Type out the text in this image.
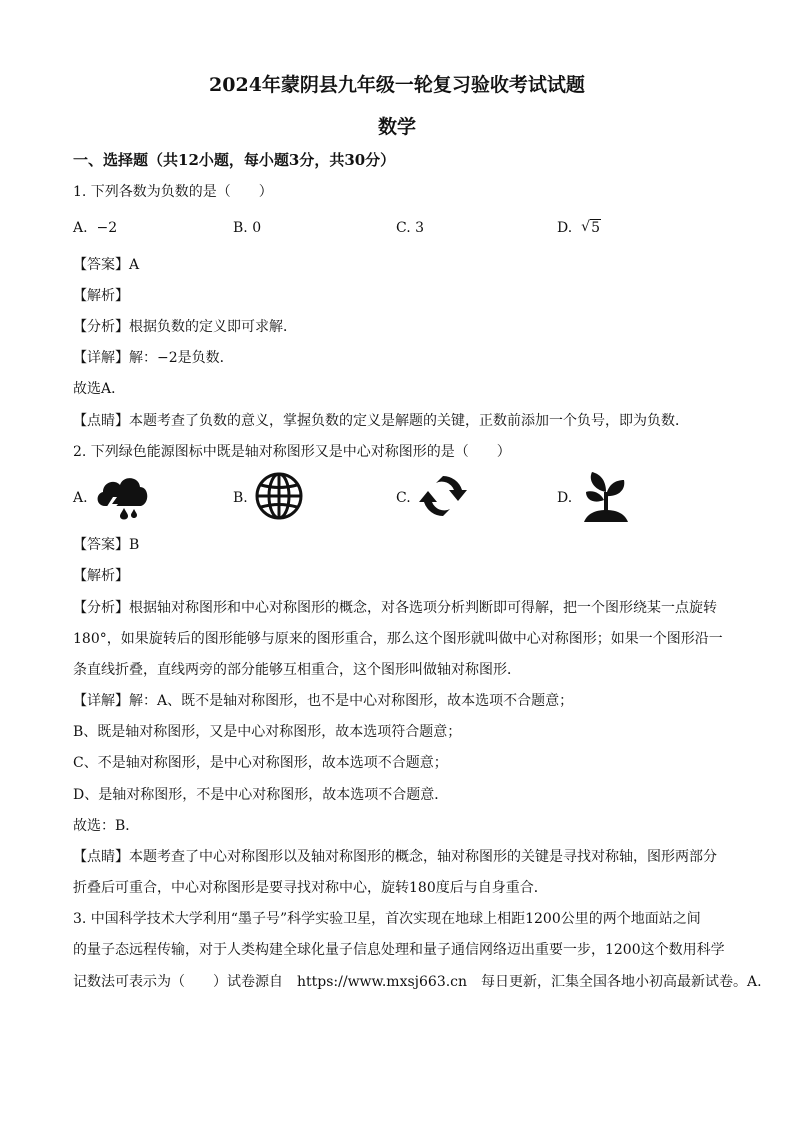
2024年蒙阴县九年级一轮复习验收考试试题
数学
一、选择题（共12小题，每小题3分，共30分）
1. 下列各数为负数的是（　　）
A. −2	B. 0	C. 3	D. √ 5
【答案】A
【解析】
【分析】根据负数的定义即可求解．
【详解】解：−2是负数．
故选A．
【点睛】本题考查了负数的意义，掌握负数的定义是解题的关键，正数前添加一个负号，即为负数．
2. 下列绿色能源图标中既是轴对称图形又是中心对称图形的是（　　）
A.	B.	C.	D.
【答案】B
【解析】
【分析】根据轴对称图形和中心对称图形的概念，对各选项分析判断即可得解，把一个图形绕某一点旋转
180°，如果旋转后的图形能够与原来的图形重合，那么这个图形就叫做中心对称图形；如果一个图形沿一
条直线折叠，直线两旁的部分能够互相重合，这个图形叫做轴对称图形．
【详解】解：A、既不是轴对称图形，也不是中心对称图形，故本选项不合题意；
B、既是轴对称图形，又是中心对称图形，故本选项符合题意；
C、不是轴对称图形，是中心对称图形，故本选项不合题意；
D、是轴对称图形，不是中心对称图形，故本选项不合题意．
故选：B．
【点睛】本题考查了中心对称图形以及轴对称图形的概念，轴对称图形的关键是寻找对称轴，图形两部分
折叠后可重合，中心对称图形是要寻找对称中心，旋转180度后与自身重合．
3. 中国科学技术大学利用“墨子号”科学实验卫星，首次实现在地球上相距1200公里的两个地面站之间
的量子态远程传输，对于人类构建全球化量子信息处理和量子通信网络迈出重要一步，1200这个数用科学
记数法可表示为（　　）试卷源自　https://www.mxsj663.cn　每日更新，汇集全国各地小初高最新试卷。A.
